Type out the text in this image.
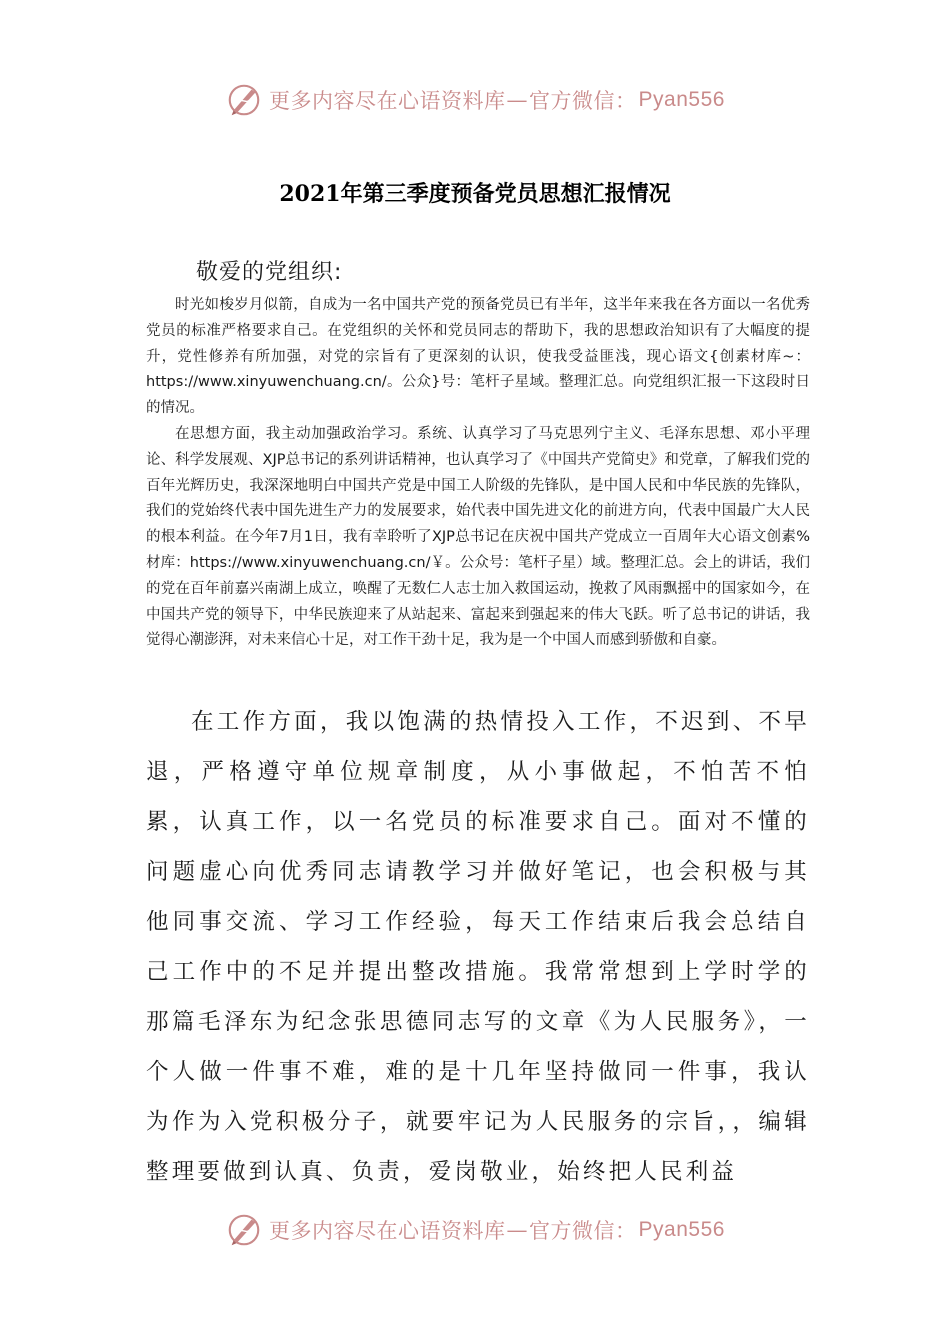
更多内容尽在心语资料库 — 官方微信： Pyan556
2021年第三季度预备党员思想汇报情况
敬爱的党组织:

时光如梭岁月似箭，自成为一名中国共产党的预备党员已有半年，这半年来我在各方面以一名优秀党员的标准严格要求自己。在党组织的关怀和党员同志的帮助下，我的思想政治知识有了大幅度的提升，党性修养有所加强，对党的宗旨有了更深刻的认识，使我受益匪浅，现心语文{创素材库~：https://www.xinyuwenchuang.cn/。公众}号：笔杆子星域。整理汇总。向党组织汇报一下这段时日的情况。

在思想方面，我主动加强政治学习。系统、认真学习了马克思列宁主义、毛泽东思想、邓小平理论、科学发展观、XJP总书记的系列讲话精神，也认真学习了《中国共产党简史》和党章，了解我们党的百年光辉历史，我深深地明白中国共产党是中国工人阶级的先锋队，是中国人民和中华民族的先锋队，我们的党始终代表中国先进生产力的发展要求，始代表中国先进文化的前进方向，代表中国最广大人民的根本利益。在今年7月1日，我有幸聆听了XJP总书记在庆祝中国共产党成立一百周年大心语文创素%材库：https://www.xinyuwenchuang.cn/￥。公众号：笔杆子星）域。整理汇总。会上的讲话，我们的党在百年前嘉兴南湖上成立，唤醒了无数仁人志士加入救国运动，挽救了风雨飘摇中的国家如今，在中国共产党的领导下，中华民族迎来了从站起来、富起来到强起来的伟大飞跃。听了总书记的讲话，我觉得心潮澎湃，对未来信心十足，对工作干劲十足，我为是一个中国人而感到骄傲和自豪。

在工作方面，我以饱满的热情投入工作，不迟到、不早退，严格遵守单位规章制度，从小事做起，不怕苦不怕累，认真工作，以一名党员的标准要求自己。面对不懂的问题虚心向优秀同志请教学习并做好笔记，也会积极与其他同事交流、学习工作经验，每天工作结束后我会总结自己工作中的不足并提出整改措施。我常常想到上学时学的那篇毛泽东为纪念张思德同志写的文章《为人民服务》，一个人做一件事不难，难的是十几年坚持做同一件事，我认为作为入党积极分子，就要牢记为人民服务的宗旨，，编辑整理要做到认真、负责，爱岗敬业，始终把人民利益

更多内容尽在心语资料库 — 官方微信： Pyan556
